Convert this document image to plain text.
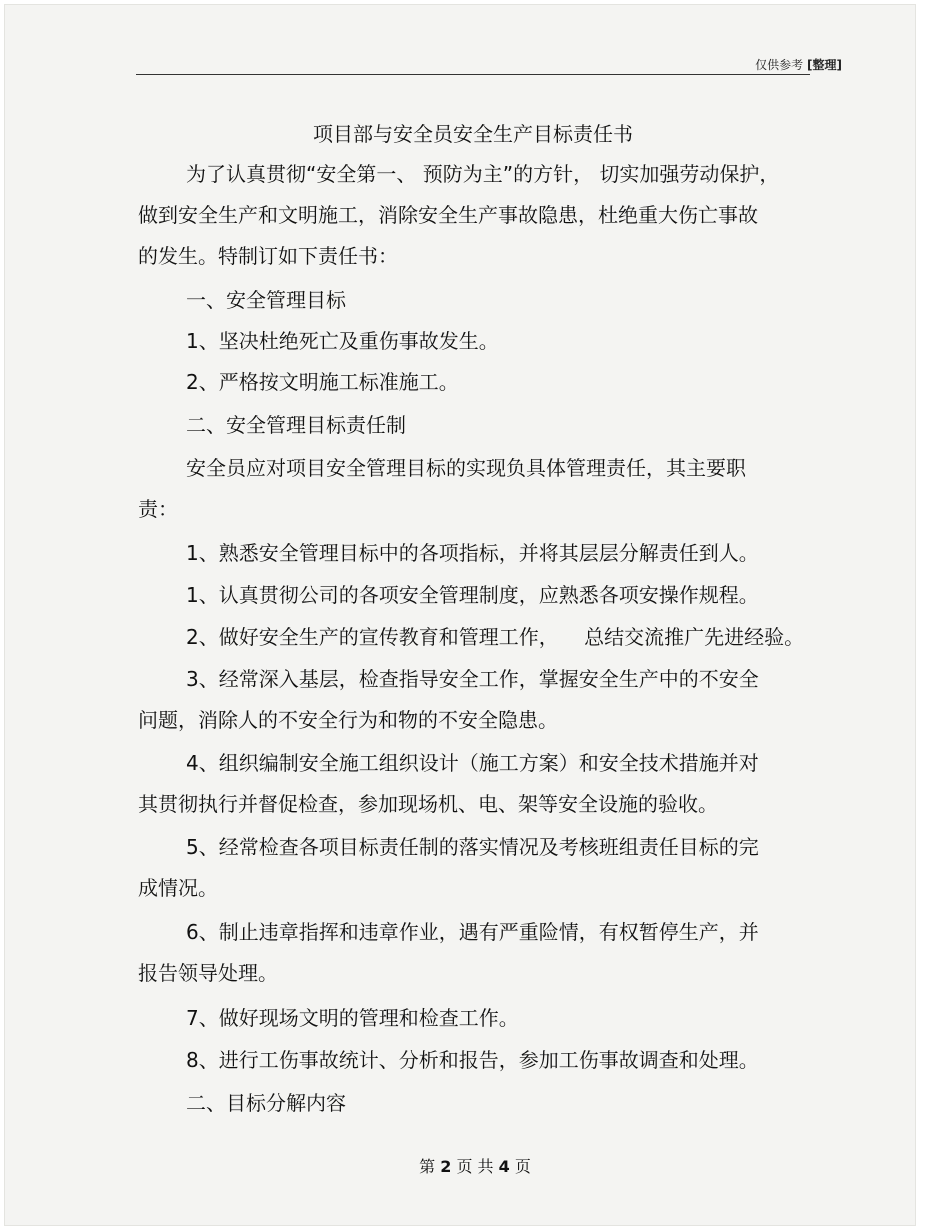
仅供参考 [整理]
项目部与安全员安全生产目标责任书
为了认真贯彻“安全第一、 预防为主”的方针， 切实加强劳动保护，
做到安全生产和文明施工，消除安全生产事故隐患，杜绝重大伤亡事故
的发生。特制订如下责任书：
一、安全管理目标
1、坚决杜绝死亡及重伤事故发生。
2、严格按文明施工标准施工。
二、安全管理目标责任制
安全员应对项目安全管理目标的实现负具体管理责任，其主要职
责：
1、熟悉安全管理目标中的各项指标，并将其层层分解责任到人。
1、认真贯彻公司的各项安全管理制度，应熟悉各项安操作规程。
2、做好安全生产的宣传教育和管理工作，    总结交流推广先进经验。
3、经常深入基层，检查指导安全工作，掌握安全生产中的不安全
问题，消除人的不安全行为和物的不安全隐患。
4、组织编制安全施工组织设计（施工方案）和安全技术措施并对
其贯彻执行并督促检查，参加现场机、电、架等安全设施的验收。
5、经常检查各项目标责任制的落实情况及考核班组责任目标的完
成情况。
6、制止违章指挥和违章作业，遇有严重险情，有权暂停生产，并
报告领导处理。
7、做好现场文明的管理和检查工作。
8、进行工伤事故统计、分析和报告，参加工伤事故调查和处理。
二、目标分解内容
第 2 页 共 4 页
